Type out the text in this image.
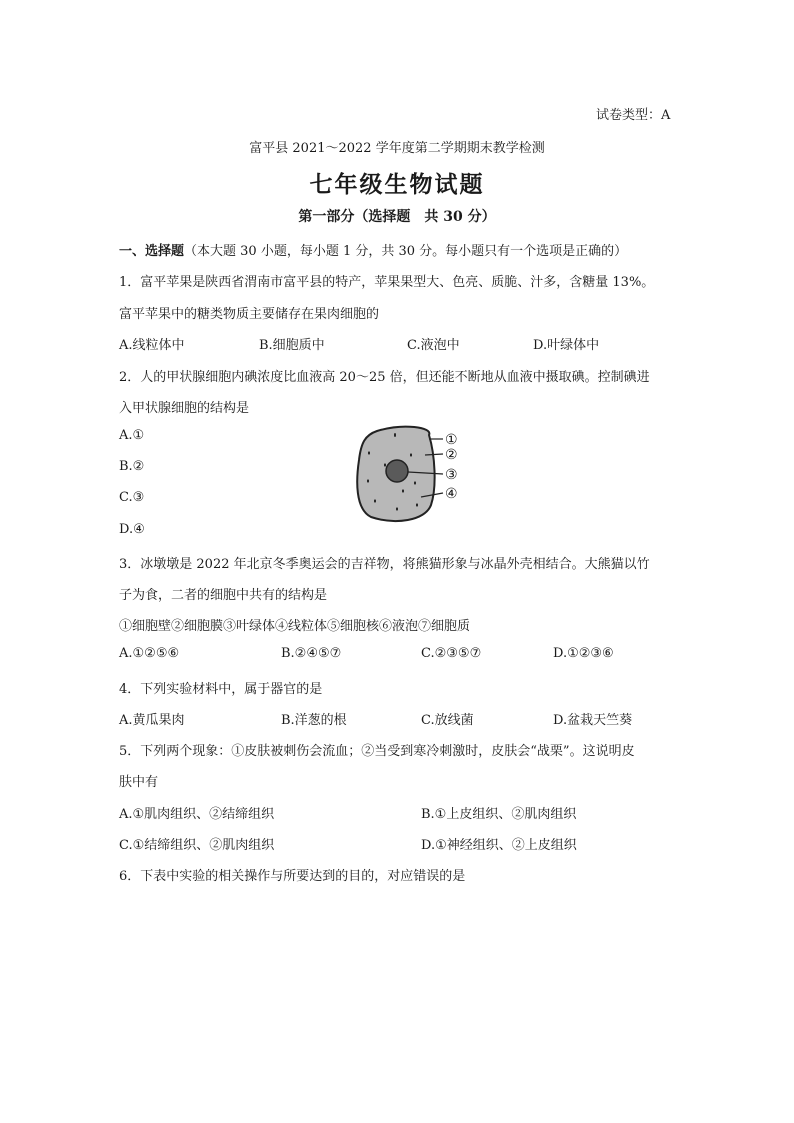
试卷类型：A
富平县 2021～2022 学年度第二学期期末教学检测
七年级生物试题
第一部分（选择题　共 30 分）
一、选择题（本大题 30 小题，每小题 1 分，共 30 分。每小题只有一个选项是正确的）
1．富平苹果是陕西省渭南市富平县的特产，苹果果型大、色亮、质脆、汁多，含糖量 13%。
富平苹果中的糖类物质主要储存在果肉细胞的
A.线粒体中	B.细胞质中	C.液泡中	D.叶绿体中
2．人的甲状腺细胞内碘浓度比血液高 20～25 倍，但还能不断地从血液中摄取碘。控制碘进
入甲状腺细胞的结构是
A.①
B.②
C.③
D.④
①
②
③
④
3．冰墩墩是 2022 年北京冬季奥运会的吉祥物，将熊猫形象与冰晶外壳相结合。大熊猫以竹
子为食，二者的细胞中共有的结构是
①细胞壁②细胞膜③叶绿体④线粒体⑤细胞核⑥液泡⑦细胞质
A.①②⑤⑥	B.②④⑤⑦	C.②③⑤⑦	D.①②③⑥
4．下列实验材料中，属于器官的是
A.黄瓜果肉	B.洋葱的根	C.放线菌	D.盆栽天竺葵
5．下列两个现象：①皮肤被刺伤会流血；②当受到寒冷刺激时，皮肤会“战栗”。这说明皮
肤中有
A.①肌肉组织、②结缔组织	B.①上皮组织、②肌肉组织
C.①结缔组织、②肌肉组织	D.①神经组织、②上皮组织
6．下表中实验的相关操作与所要达到的目的，对应错误的是
